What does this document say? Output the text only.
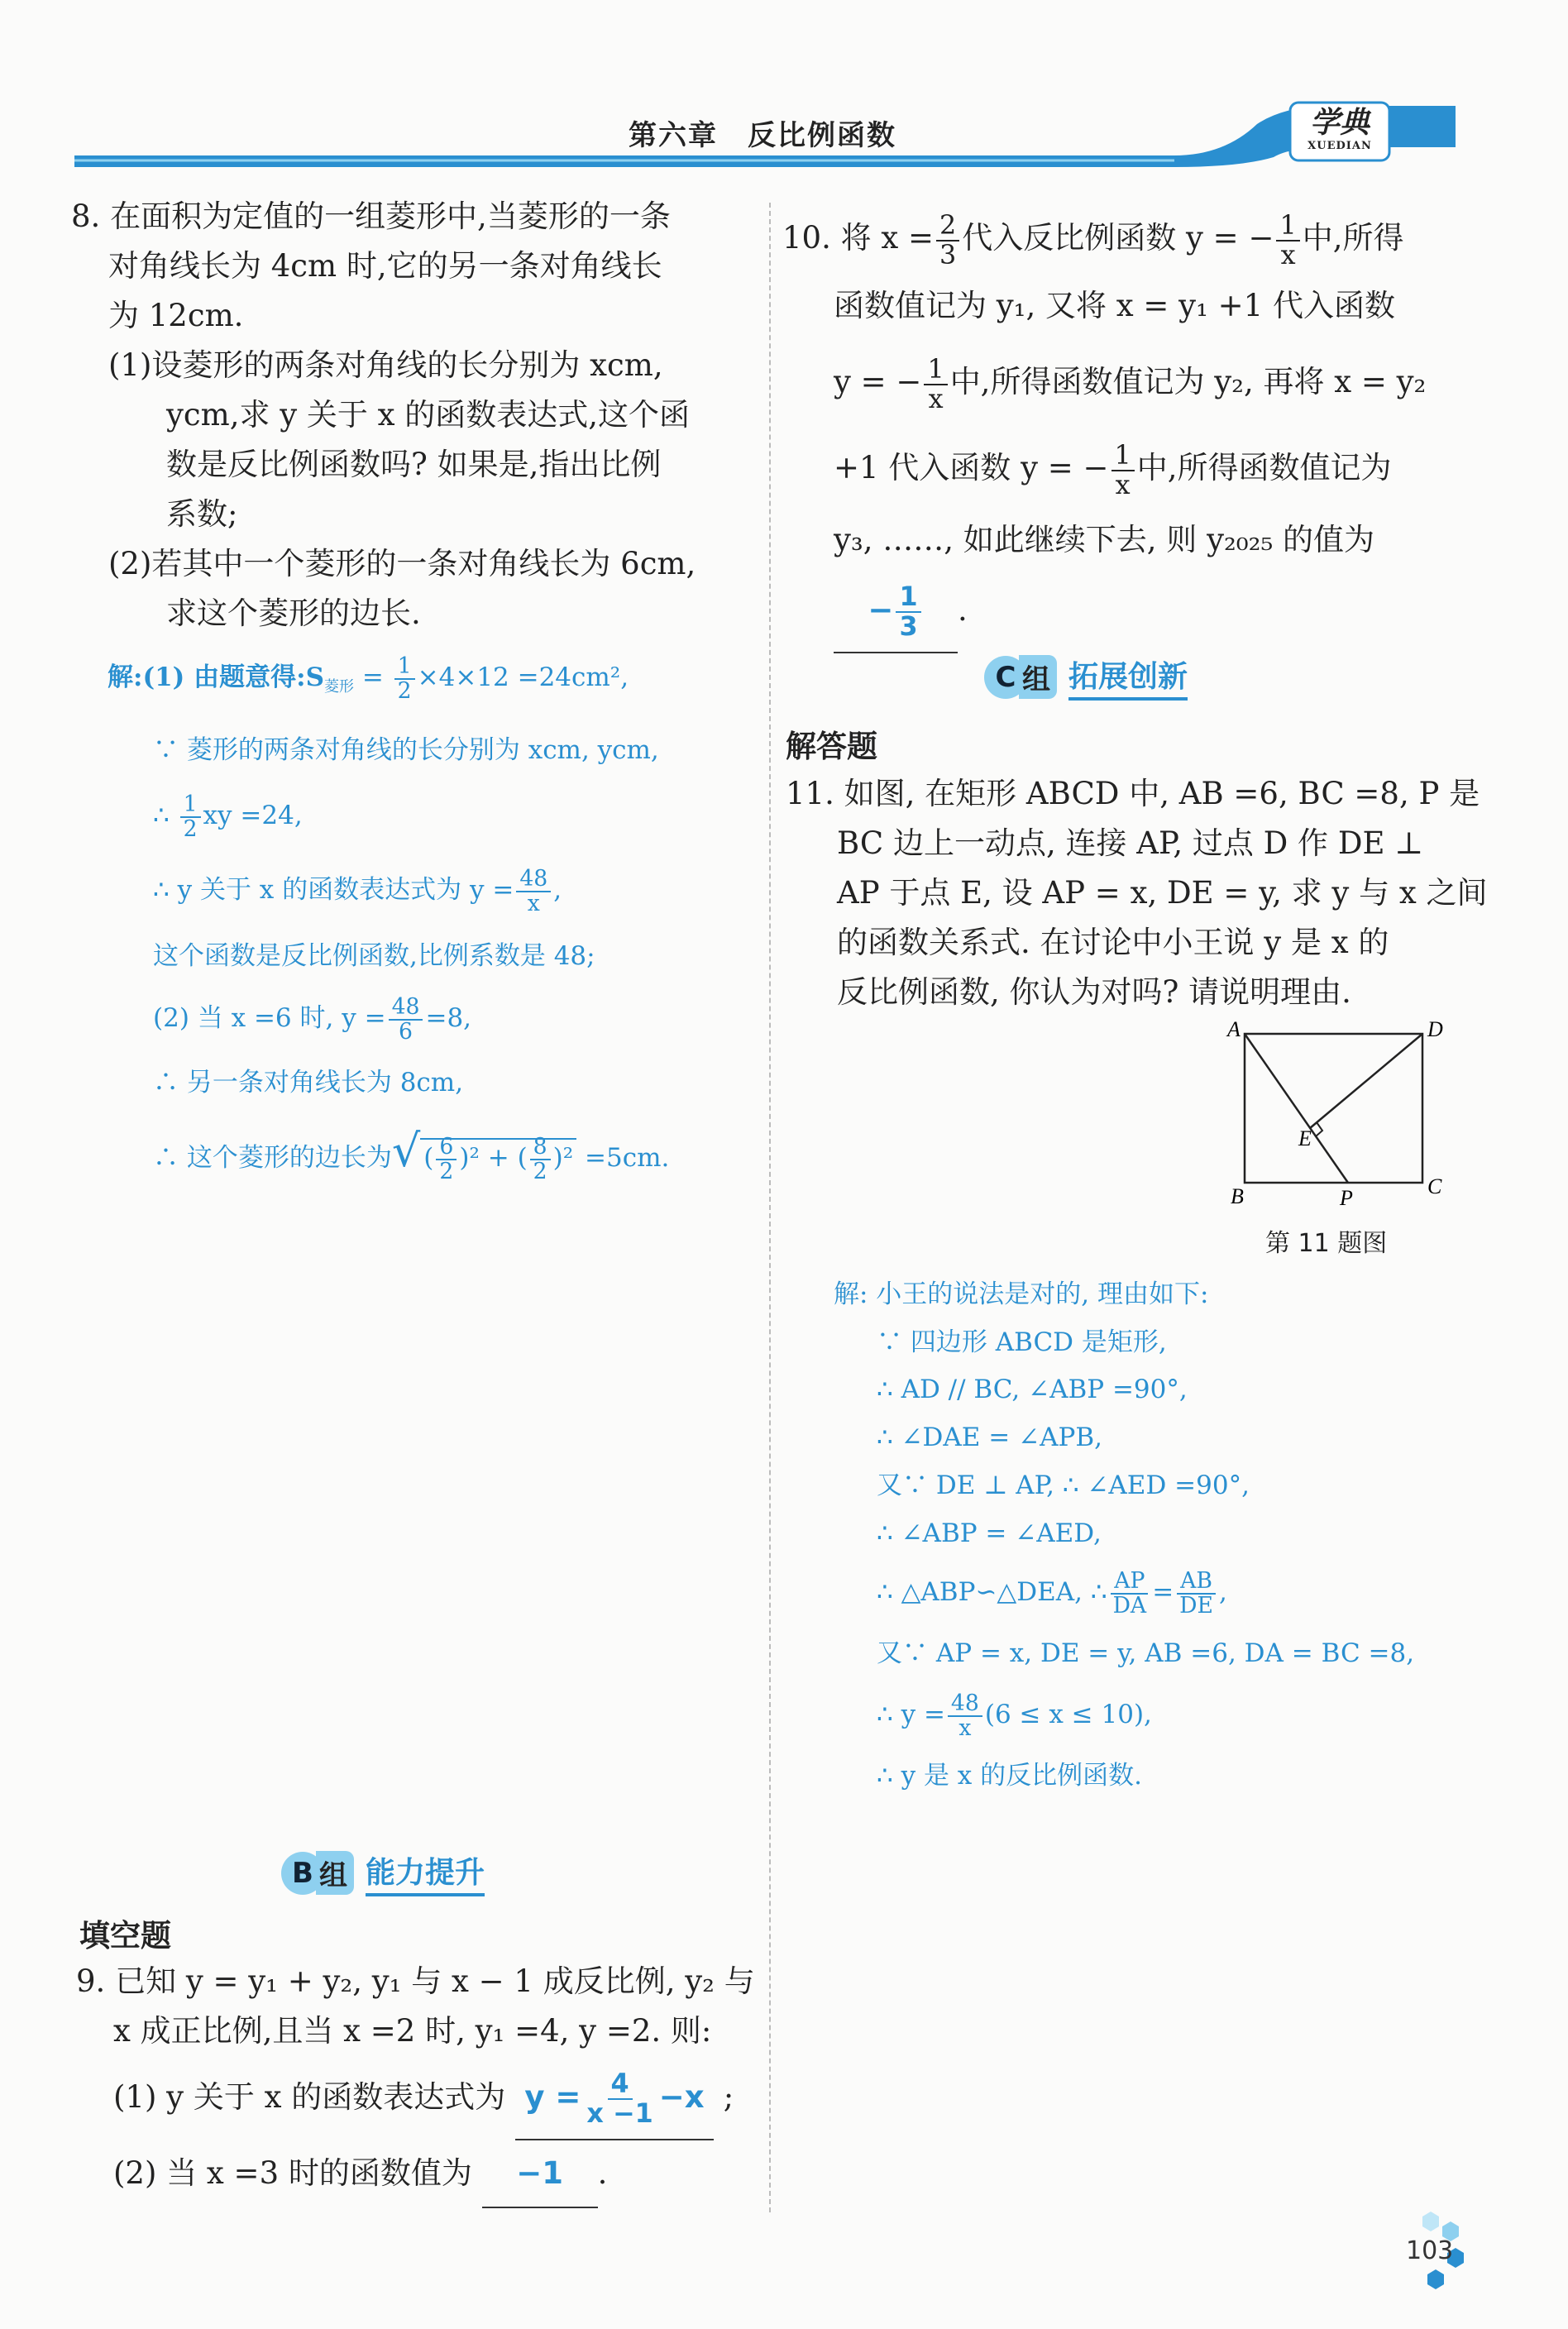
第六章　反比例函数	学典
XUEDIAN
8. 在面积为定值的一组菱形中,当菱形的一条
对角线长为 4cm 时,它的另一条对角线长
为 12cm.
(1)设菱形的两条对角线的长分别为 xcm,
ycm,求 y 关于 x 的函数表达式,这个函
数是反比例函数吗? 如果是,指出比例
系数;
(2)若其中一个菱形的一条对角线长为 6cm,
求这个菱形的边长.
解:(1) 由题意得$:S_{菱形} = \frac{1}{2} \times 4\times 12 =24cm^2$,
∵ 菱形的两条对角线的长分别为 xcm, ycm,
∴ $\frac{1}{2}$ xy =24,
∴ y 关于 x 的函数表达式为 $y = \frac{48}{x}$ ,
这个函数是反比例函数,比例系数是 48;
(2) 当 x =6 时, $y = \frac{48}{6} =8$,
∴ 另一条对角线长为 8cm,
∴ 这个菱形的边长为√ ( $\frac{6}{2} )^2$ + ( $\frac{8}{2} )^2 =5cm$.
B 组 能力提升
填空题
9. 已知 y = y₁ + y₂, y₁ 与 x − 1 成反比例, y₂ 与
x 成正比例,且当 x =2 时, y₁ =4, y =2. 则:
(1) y 关于 x 的函数表达式为 $y = \frac{4}{x -1} -x$ ;
(2) 当 x =3 时的函数值为 −1 .
10. 将 $x = \frac{2}{3}$ 代入反比例函数 y = − $\frac{1}{x}$ 中,所得
函数值记为 y₁, 又将 x = y₁ +1 代入函数
y = − $\frac{1}{x}$ 中,所得函数值记为 y₂, 再将 x = y₂
+1 代入函数 y = − $\frac{1}{x}$ 中,所得函数值记为
y₃, ……, 如此继续下去, 则 y₂₀₂₅ 的值为
− $\frac{1}{3}$ .
C 组 拓展创新
解答题
11. 如图, 在矩形 ABCD 中, AB =6, BC =8, P 是
BC 边上一动点, 连接 AP, 过点 D 作 DE ⊥
AP 于点 E, 设 AP = x, DE = y, 求 y 与 x 之间
的函数关系式. 在讨论中小王说 y 是 x 的
反比例函数, 你认为对吗? 请说明理由.
A	D
B	C
E
P
第 11 题图
解: 小王的说法是对的, 理由如下:
∵ 四边形 ABCD 是矩形,
∴ AD // BC, ∠ABP =90°,
∴ ∠DAE = ∠APB,
又∵ DE ⊥ AP, ∴ ∠AED =90°,
∴ ∠ABP = ∠AED,
∴ △ABP∽△DEA, ∴ $\frac{AP}{DA} = \frac{AB}{DE}$ ,
又∵ AP = x, DE = y, AB =6, DA = BC =8,
∴ $y = \frac{48}{x} (6 \le x \le 10)$,
∴ y 是 x 的反比例函数.
103
